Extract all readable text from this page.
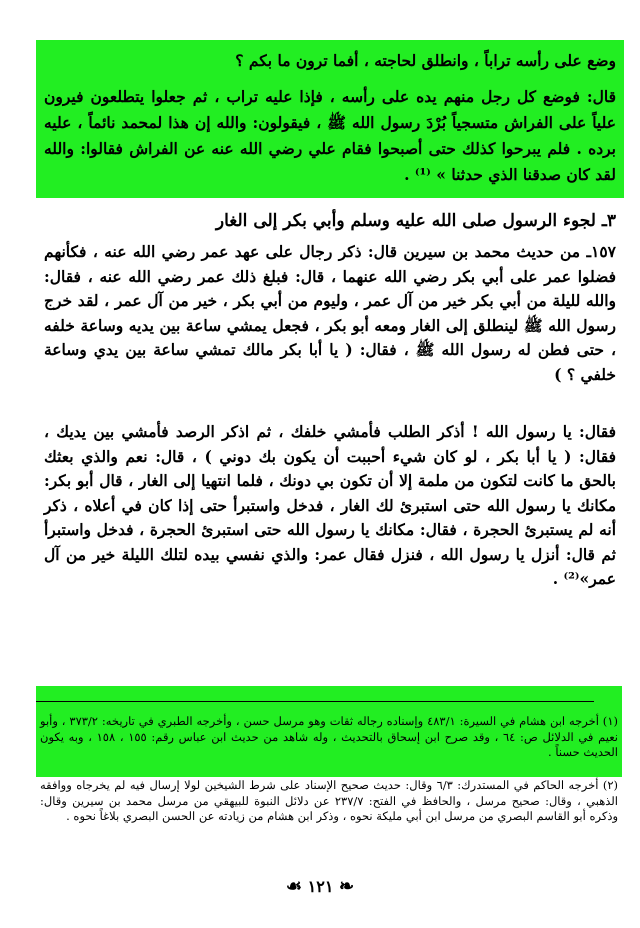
وضع على رأسه تراباً ، وانطلق لحاجته ، أفما ترون ما بكم ؟
قال: فوضع كل رجل منهم يده على رأسه ، فإذا عليه تراب ، ثم جعلوا يتطلعون فيرون علياً على الفراش متسجياً بُرْدَ رسول الله ﷺ ، فيقولون: والله إن هذا لمحمد نائماً ، عليه برده . فلم يبرحوا كذلك حتى أصبحوا فقام علي رضي الله عنه عن الفراش فقالوا: والله لقد كان صدقنا الذي حدثنا » ⁽¹⁾ .
٣ـ لجوء الرسول صلى الله عليه وسلم وأبي بكر إلى الغار

١٥٧ـ من حديث محمد بن سيرين قال: ذكر رجال على عهد عمر رضي الله عنه ، فكأنهم فضلوا عمر على أبي بكر رضي الله عنهما ، قال: فبلغ ذلك عمر رضي الله عنه ، فقال: والله لليلة من أبي بكر خير من آل عمر ، وليوم من أبي بكر ، خير من آل عمر ، لقد خرج رسول الله ﷺ لينطلق إلى الغار ومعه أبو بكر ، فجعل يمشي ساعة بين يديه وساعة خلفه ، حتى فطن له رسول الله ﷺ ، فقال: ( يا أبا بكر مالك تمشي ساعة بين يدي وساعة خلفي ؟ )

فقال: يا رسول الله ! أذكر الطلب فأمشي خلفك ، ثم اذكر الرصد فأمشي بين يديك ، فقال: ( يا أبا بكر ، لو كان شيء أحببت أن يكون بك دوني ) ، قال: نعم والذي بعثك بالحق ما كانت لتكون من ملمة إلا أن تكون بي دونك ، فلما انتهيا إلى الغار ، قال أبو بكر: مكانك يا رسول الله حتى استبرئ لك الغار ، فدخل واستبرأ حتى إذا كان في أعلاه ، ذكر أنه لم يستبرئ الحجرة ، فقال: مكانك يا رسول الله حتى استبرئ الحجرة ، فدخل واستبرأ ثم قال: أنزل يا رسول الله ، فنزل فقال عمر: والذي نفسي بيده لتلك الليلة خير من آل عمر»⁽²⁾ .

(١) أخرجه ابن هشام في السيرة: ٤٨٣/١ وإسناده رجاله ثقات وهو مرسل حسن ، وأخرجه الطبري في تاريخه: ٣٧٣/٢ ، وأبو نعيم في الدلائل ص: ٦٤ ، وقد صرح ابن إسحاق بالتحديث ، وله شاهد من حديث ابن عباس رقم: ١٥٥ ، ١٥٨ ، وبه يكون الحديث حسناً .

(٢) أخرجه الحاكم في المستدرك: ٦/٣ وقال: حديث صحيح الإسناد على شرط الشيخين لولا إرسال فيه لم يخرجاه ووافقه الذهبي ، وقال: صحيح مرسل ، والحافظ في الفتح: ٢٣٧/٧ عن دلائل النبوة للبيهقي من مرسل محمد بن سيرين وقال: وذكره أبو القاسم البصري من مرسل ابن أبي مليكة نحوه ، وذكر ابن هشام من زيادته عن الحسن البصري بلاغاً نحوه .

❧ ١٢١ ☙
